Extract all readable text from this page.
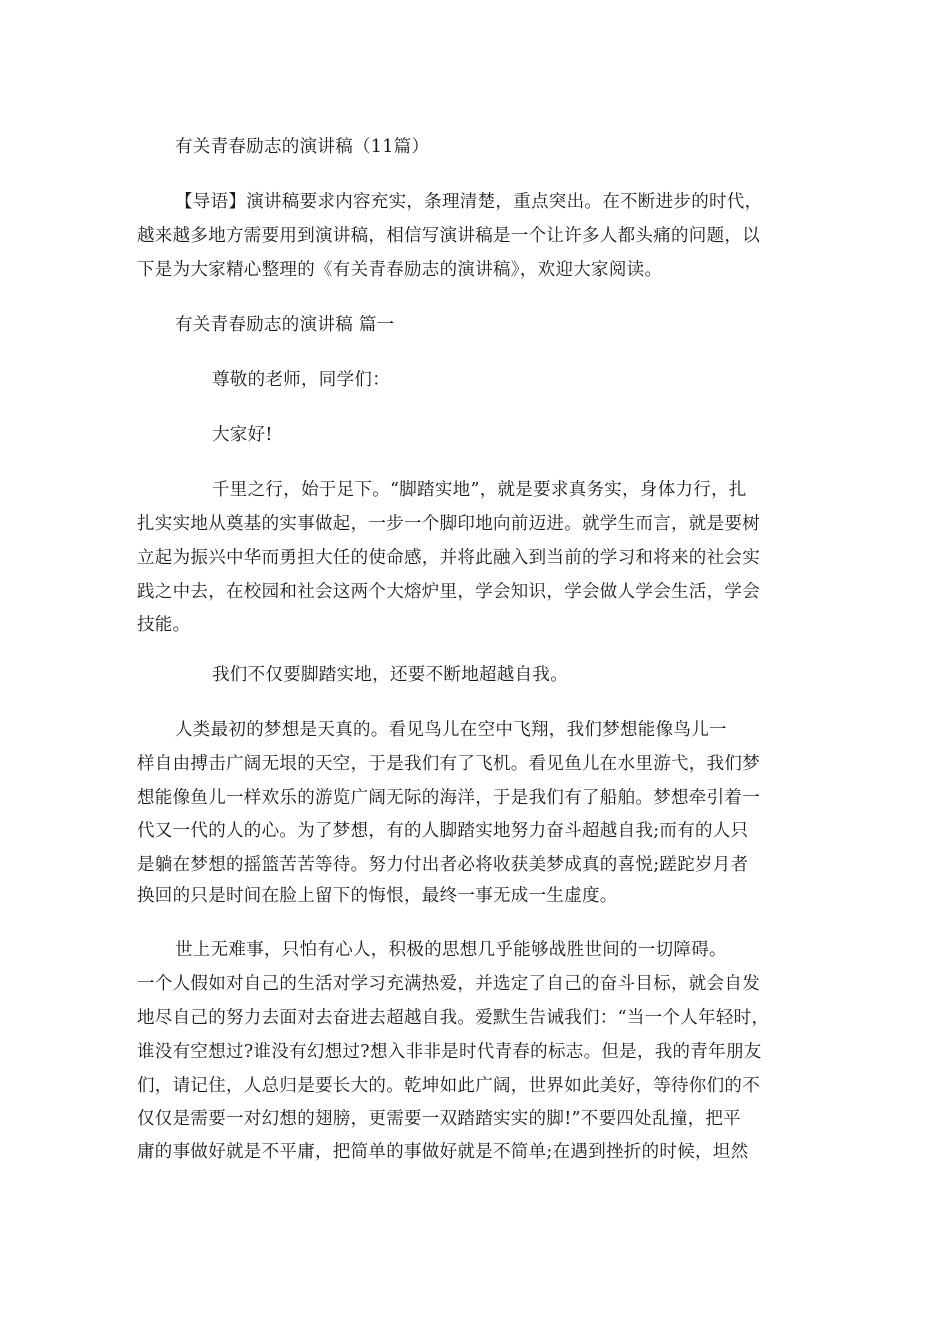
有关青春励志的演讲稿（11篇）
【导语】演讲稿要求内容充实，条理清楚，重点突出。在不断进步的时代，
越来越多地方需要用到演讲稿，相信写演讲稿是一个让许多人都头痛的问题，以
下是为大家精心整理的《有关青春励志的演讲稿》，欢迎大家阅读。
有关青春励志的演讲稿 篇一
尊敬的老师，同学们：
大家好!
千里之行，始于足下。“脚踏实地”，就是要求真务实，身体力行，扎
扎实实地从奠基的实事做起，一步一个脚印地向前迈进。就学生而言，就是要树
立起为振兴中华而勇担大任的使命感，并将此融入到当前的学习和将来的社会实
践之中去，在校园和社会这两个大熔炉里，学会知识，学会做人学会生活，学会
技能。
我们不仅要脚踏实地，还要不断地超越自我。
人类最初的梦想是天真的。看见鸟儿在空中飞翔，我们梦想能像鸟儿一
样自由搏击广阔无垠的天空，于是我们有了飞机。看见鱼儿在水里游弋，我们梦
想能像鱼儿一样欢乐的游览广阔无际的海洋，于是我们有了船舶。梦想牵引着一
代又一代的人的心。为了梦想，有的人脚踏实地努力奋斗超越自我;而有的人只
是躺在梦想的摇篮苦苦等待。努力付出者必将收获美梦成真的喜悦;蹉跎岁月者
换回的只是时间在脸上留下的悔恨，最终一事无成一生虚度。
世上无难事，只怕有心人，积极的思想几乎能够战胜世间的一切障碍。
一个人假如对自己的生活对学习充满热爱，并选定了自己的奋斗目标，就会自发
地尽自己的努力去面对去奋进去超越自我。爱默生告诫我们：“当一个人年轻时，
谁没有空想过?谁没有幻想过?想入非非是时代青春的标志。但是，我的青年朋友
们，请记住，人总归是要长大的。乾坤如此广阔，世界如此美好，等待你们的不
仅仅是需要一对幻想的翅膀，更需要一双踏踏实实的脚!”不要四处乱撞，把平
庸的事做好就是不平庸，把简单的事做好就是不简单;在遇到挫折的时候，坦然
